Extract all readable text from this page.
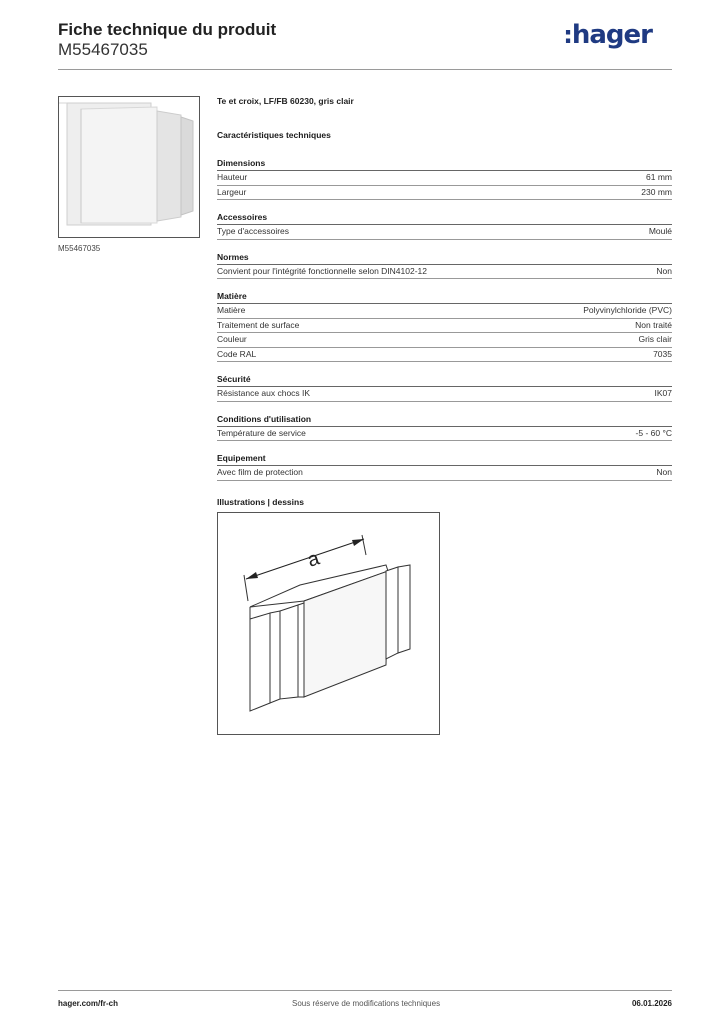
Fiche technique du produit
M55467035
:hager
M55467035
Te et croix, LF/FB 60230, gris clair
Caractéristiques techniques
Dimensions
Hauteur	61 mm
Largeur	230 mm
Accessoires
Type d'accessoires	Moulé
Normes
Convient pour l'intégrité fonctionnelle selon DIN4102-12	Non
Matière
Matière	Polyvinylchloride (PVC)
Traitement de surface	Non traité
Couleur	Gris clair
Code RAL	7035
Sécurité
Résistance aux chocs IK	IK07
Conditions d'utilisation
Température de service	-5 - 60 °C
Equipement
Avec film de protection	Non
Illustrations | dessins
a
hager.com/fr-ch	Sous réserve de modifications techniques	06.01.2026
